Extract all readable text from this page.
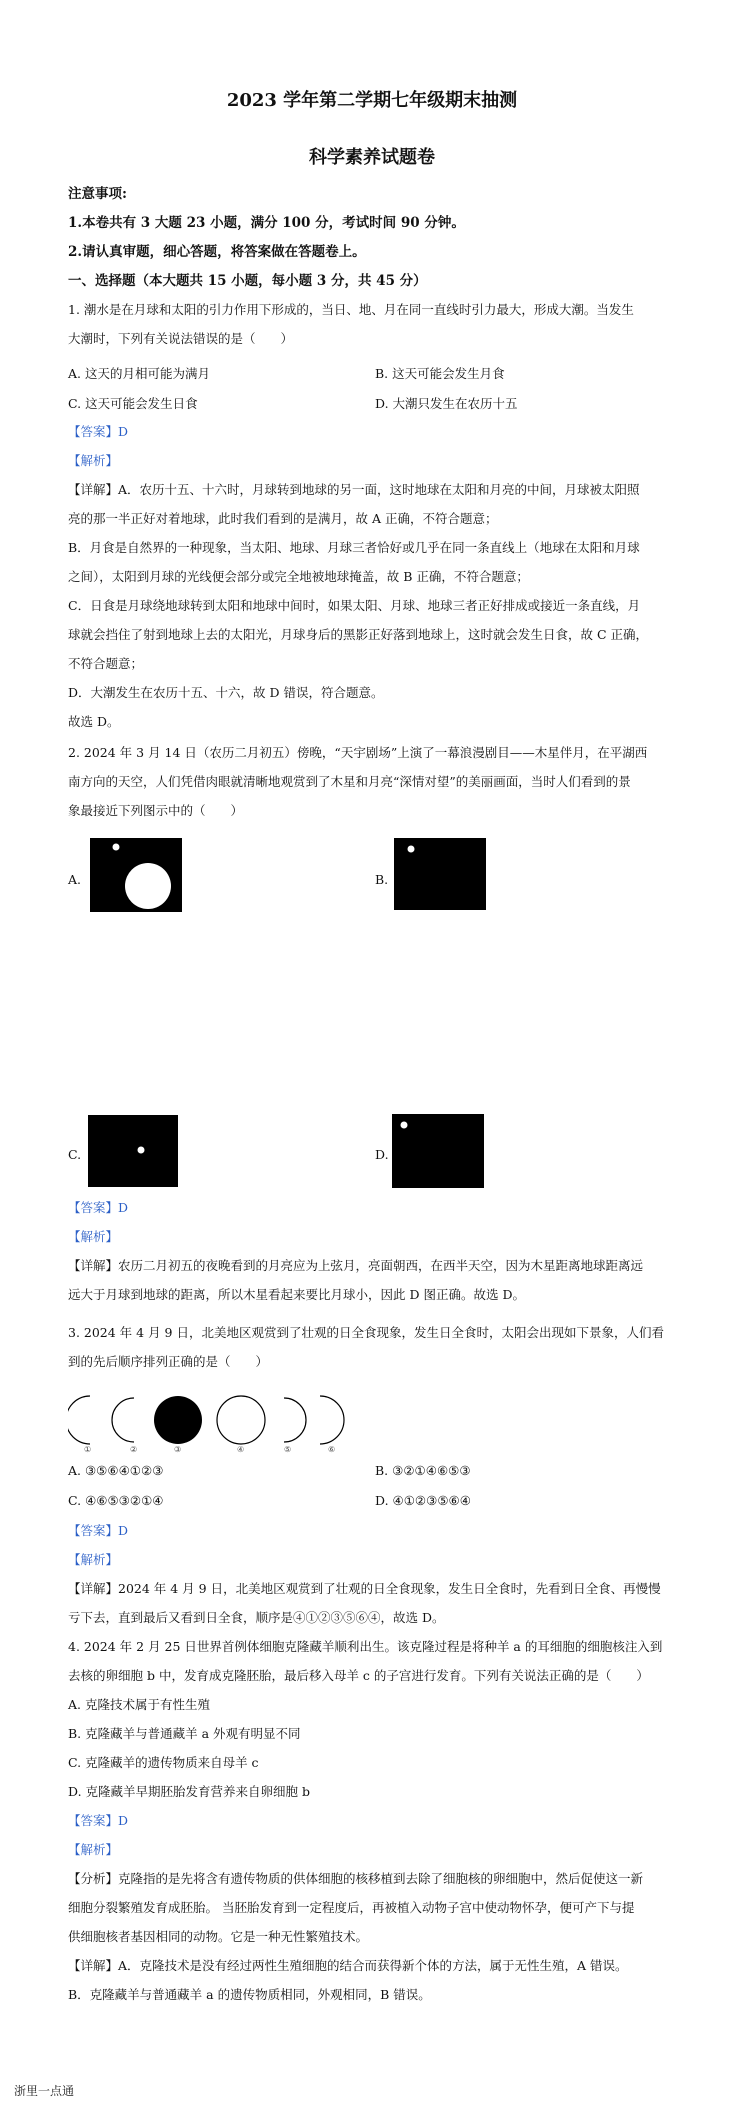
2023 学年第二学期七年级期末抽测
科学素养试题卷
注意事项:
1.本卷共有 3 大题 23 小题，满分 100 分，考试时间 90 分钟。
2.请认真审题，细心答题，将答案做在答题卷上。
一、选择题（本大题共 15 小题，每小题 3 分，共 45 分）
1. 潮水是在月球和太阳的引力作用下形成的，当日、地、月在同一直线时引力最大，形成大潮。当发生
大潮时，下列有关说法错误的是（　　）
A. 这天的月相可能为满月	B. 这天可能会发生月食
C. 这天可能会发生日食	D. 大潮只发生在农历十五
【答案】D
【解析】
【详解】A．农历十五、十六时，月球转到地球的另一面，这时地球在太阳和月亮的中间，月球被太阳照
亮的那一半正好对着地球，此时我们看到的是满月，故 A 正确，不符合题意；
B．月食是自然界的一种现象，当太阳、地球、月球三者恰好或几乎在同一条直线上（地球在太阳和月球
之间），太阳到月球的光线便会部分或完全地被地球掩盖，故 B 正确，不符合题意；
C．日食是月球绕地球转到太阳和地球中间时，如果太阳、月球、地球三者正好排成或接近一条直线，月
球就会挡住了射到地球上去的太阳光，月球身后的黑影正好落到地球上，这时就会发生日食，故 C 正确，
不符合题意；
D．大潮发生在农历十五、十六，故 D 错误，符合题意。
故选 D。
2. 2024 年 3 月 14 日（农历二月初五）傍晚，“天宇剧场”上演了一幕浪漫剧目——木星伴月，在平湖西
南方向的天空，人们凭借肉眼就清晰地观赏到了木星和月亮“深情对望”的美丽画面，当时人们看到的景
象最接近下列图示中的（　　）
A.	B.
C.	D.
【答案】D
【解析】
【详解】农历二月初五的夜晚看到的月亮应为上弦月，亮面朝西，在西半天空，因为木星距离地球距离远
远大于月球到地球的距离，所以木星看起来要比月球小，因此 D 图正确。故选 D。
3. 2024 年 4 月 9 日，北美地区观赏到了壮观的日全食现象，发生日全食时，太阳会出现如下景象，人们看
到的先后顺序排列正确的是（　　）
①	②	③	④	⑤	⑥
A. ③⑤⑥④①②③	B. ③②①④⑥⑤③
C. ④⑥⑤③②①④	D. ④①②③⑤⑥④
【答案】D
【解析】
【详解】2024 年 4 月 9 日，北美地区观赏到了壮观的日全食现象，发生日全食时，先看到日全食、再慢慢
亏下去，直到最后又看到日全食，顺序是④①②③⑤⑥④，故选 D。
4. 2024 年 2 月 25 日世界首例体细胞克隆藏羊顺利出生。该克隆过程是将种羊 a 的耳细胞的细胞核注入到
去核的卵细胞 b 中，发育成克隆胚胎，最后移入母羊 c 的子宫进行发育。下列有关说法正确的是（　　）
A. 克隆技术属于有性生殖
B. 克隆藏羊与普通藏羊 a 外观有明显不同
C. 克隆藏羊的遗传物质来自母羊 c
D. 克隆藏羊早期胚胎发育营养来自卵细胞 b
【答案】D
【解析】
【分析】克隆指的是先将含有遗传物质的供体细胞的核移植到去除了细胞核的卵细胞中，然后促使这一新
细胞分裂繁殖发育成胚胎。 当胚胎发育到一定程度后，再被植入动物子宫中使动物怀孕，便可产下与提
供细胞核者基因相同的动物。它是一种无性繁殖技术。
【详解】A．克隆技术是没有经过两性生殖细胞的结合而获得新个体的方法，属于无性生殖，A 错误。
B．克隆藏羊与普通藏羊 a 的遗传物质相同，外观相同，B 错误。
浙里一点通
